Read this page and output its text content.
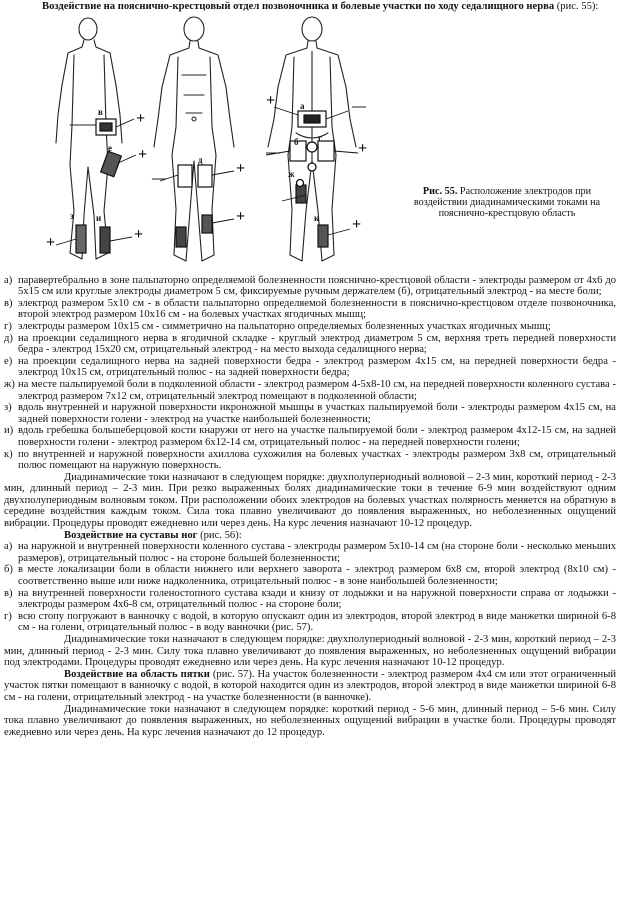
Воздействие на пояснично-крестцовый отдел позвоночника и болевые участки по ходу седалищного нерва (рис. 55):

+
+
+
+
+
+
+
+
+
—
—
—
в
а
б
д
г
е
ж
и
з	к
Рис. 55. Расположение электродов при воздействии диадинамическими токами на пояснично-крестцовую область
а) паравертебрально в зоне пальпаторно определяемой болезненности пояснично-крестцовой области - электроды размером от 4х6 до 5х15 см или круглые электроды диаметром 5 см, фиксируемые ручным держателем (б), отрицательный электрод - на месте боли;
в) электрод размером 5х10 см - в области пальпаторно определяемой болезненности в пояснично-крестцовом отделе позвоночника, второй электрод размером 10х16 см - на болевых участках ягодичных мышц;
г) электроды размером 10х15 см - симметрично на пальпаторно определяемых болезненных участках ягодичных мышц;
д) на проекции седалищного нерва в ягодичной складке - круглый электрод диаметром 5 см, верхняя треть передней поверхности бедра - электрод 15х20 см, отрицательный электрод - на место выхода седалищного нерва;
е) на проекции седалищного нерва на задней поверхности бедра - электрод размером 4х15 см, на передней поверхности бедра - электрод 10х15 см, отрицательный полюс - на задней поверхности бедра;
ж) на месте пальпируемой боли в подколенной области - электрод размером 4-5х8-10 см, на передней поверхности коленного сустава - электрод размером 7х12 см, отрицательный электрод помещают в подколенной области;
з) вдоль внутренней и наружной поверхности икроножной мышцы в участках пальпируемой боли - электроды размером 4х15 см, на задней поверхности голени - электрод на участке наибольшей болезненности;
и) вдоль гребешка большеберцовой кости кнаружи от него на участке пальпируемой боли - электрод размером 4х12-15 см, на задней поверхности голени - электрод размером 6х12-14 см, отрицательный полюс - на передней поверхности голени;
к) по внутренней и наружной поверхности ахиллова сухожилия на болевых участках - электроды размером 3х8 см, отрицательный полюс помещают на наружную поверхность.

Диадинамические токи назначают в следующем порядке: двухполупериодный волновой – 2-3 мин, короткий период - 2-3 мин, длинный период – 2-3 мин. При резко выраженных болях диадинамические токи в течение 6-9 мин воздействуют одним двухполупериодным волновым током. При расположении обоих электродов на болевых участках полярность меняется на обратную в середине воздействия каждым током. Сила тока плавно увеличивают до появления выраженных, но неболезненных ощущений вибрации. Процедуры проводят ежедневно или через день. На курс лечения назначают 10-12 процедур.

Воздействие на суставы ног (рис. 56):

а) на наружной и внутренней поверхности коленного сустава - электроды размером 5х10-14 см (на стороне боли - несколько меньших размеров), отрицательный полюс - на стороне большей болезненности;
б) в месте локализации боли в области нижнего или верхнего заворота - электрод размером 6х8 см, второй электрод (8х10 см) - соответственно выше или ниже надколенника, отрицательный полюс - в зоне наибольшей болезненности;
в) на внутренней поверхности голеностопного сустава кзади и книзу от лодыжки и на наружной поверхности справа от лодыжки - электроды размером 4х6-8 см, отрицательный полюс - на стороне боли;
г) всю стопу погружают в ванночку с водой, в которую опускают один из электродов, второй электрод в виде манжетки шириной 6-8 см - на голени, отрицательный полюс - в воду ванночки (рис. 57).

Диадинамические токи назначают в следующем порядке: двухполупериодный волновой - 2-3 мин, короткий период – 2-3 мин, длинный период - 2-3 мин. Силу тока плавно увеличивают до появления выраженных, но неболезненных ощущений вибрации под электродами. Процедуры проводят ежедневно или через день. На курс лечения назначают 10-12 процедур.

Воздействие на область пятки (рис. 57). На участок болезненности - электрод размером 4х4 см или этот ограниченный участок пятки помещают в ванночку с водой, в которой находится один из электродов, второй электрод в виде манжетки шириной 6-8 см - на голени, отрицательный электрод - на участке болезненности (в ванночке).

Диадинамические токи назначают в следующем порядке: короткий период - 5-6 мин, длинный период – 5-6 мин. Силу тока плавно увеличивают до появления выраженных, но неболезненных ощущений вибрации в участке боли. Процедуры проводят ежедневно или через день. На курс лечения назначают до 12 процедур.
